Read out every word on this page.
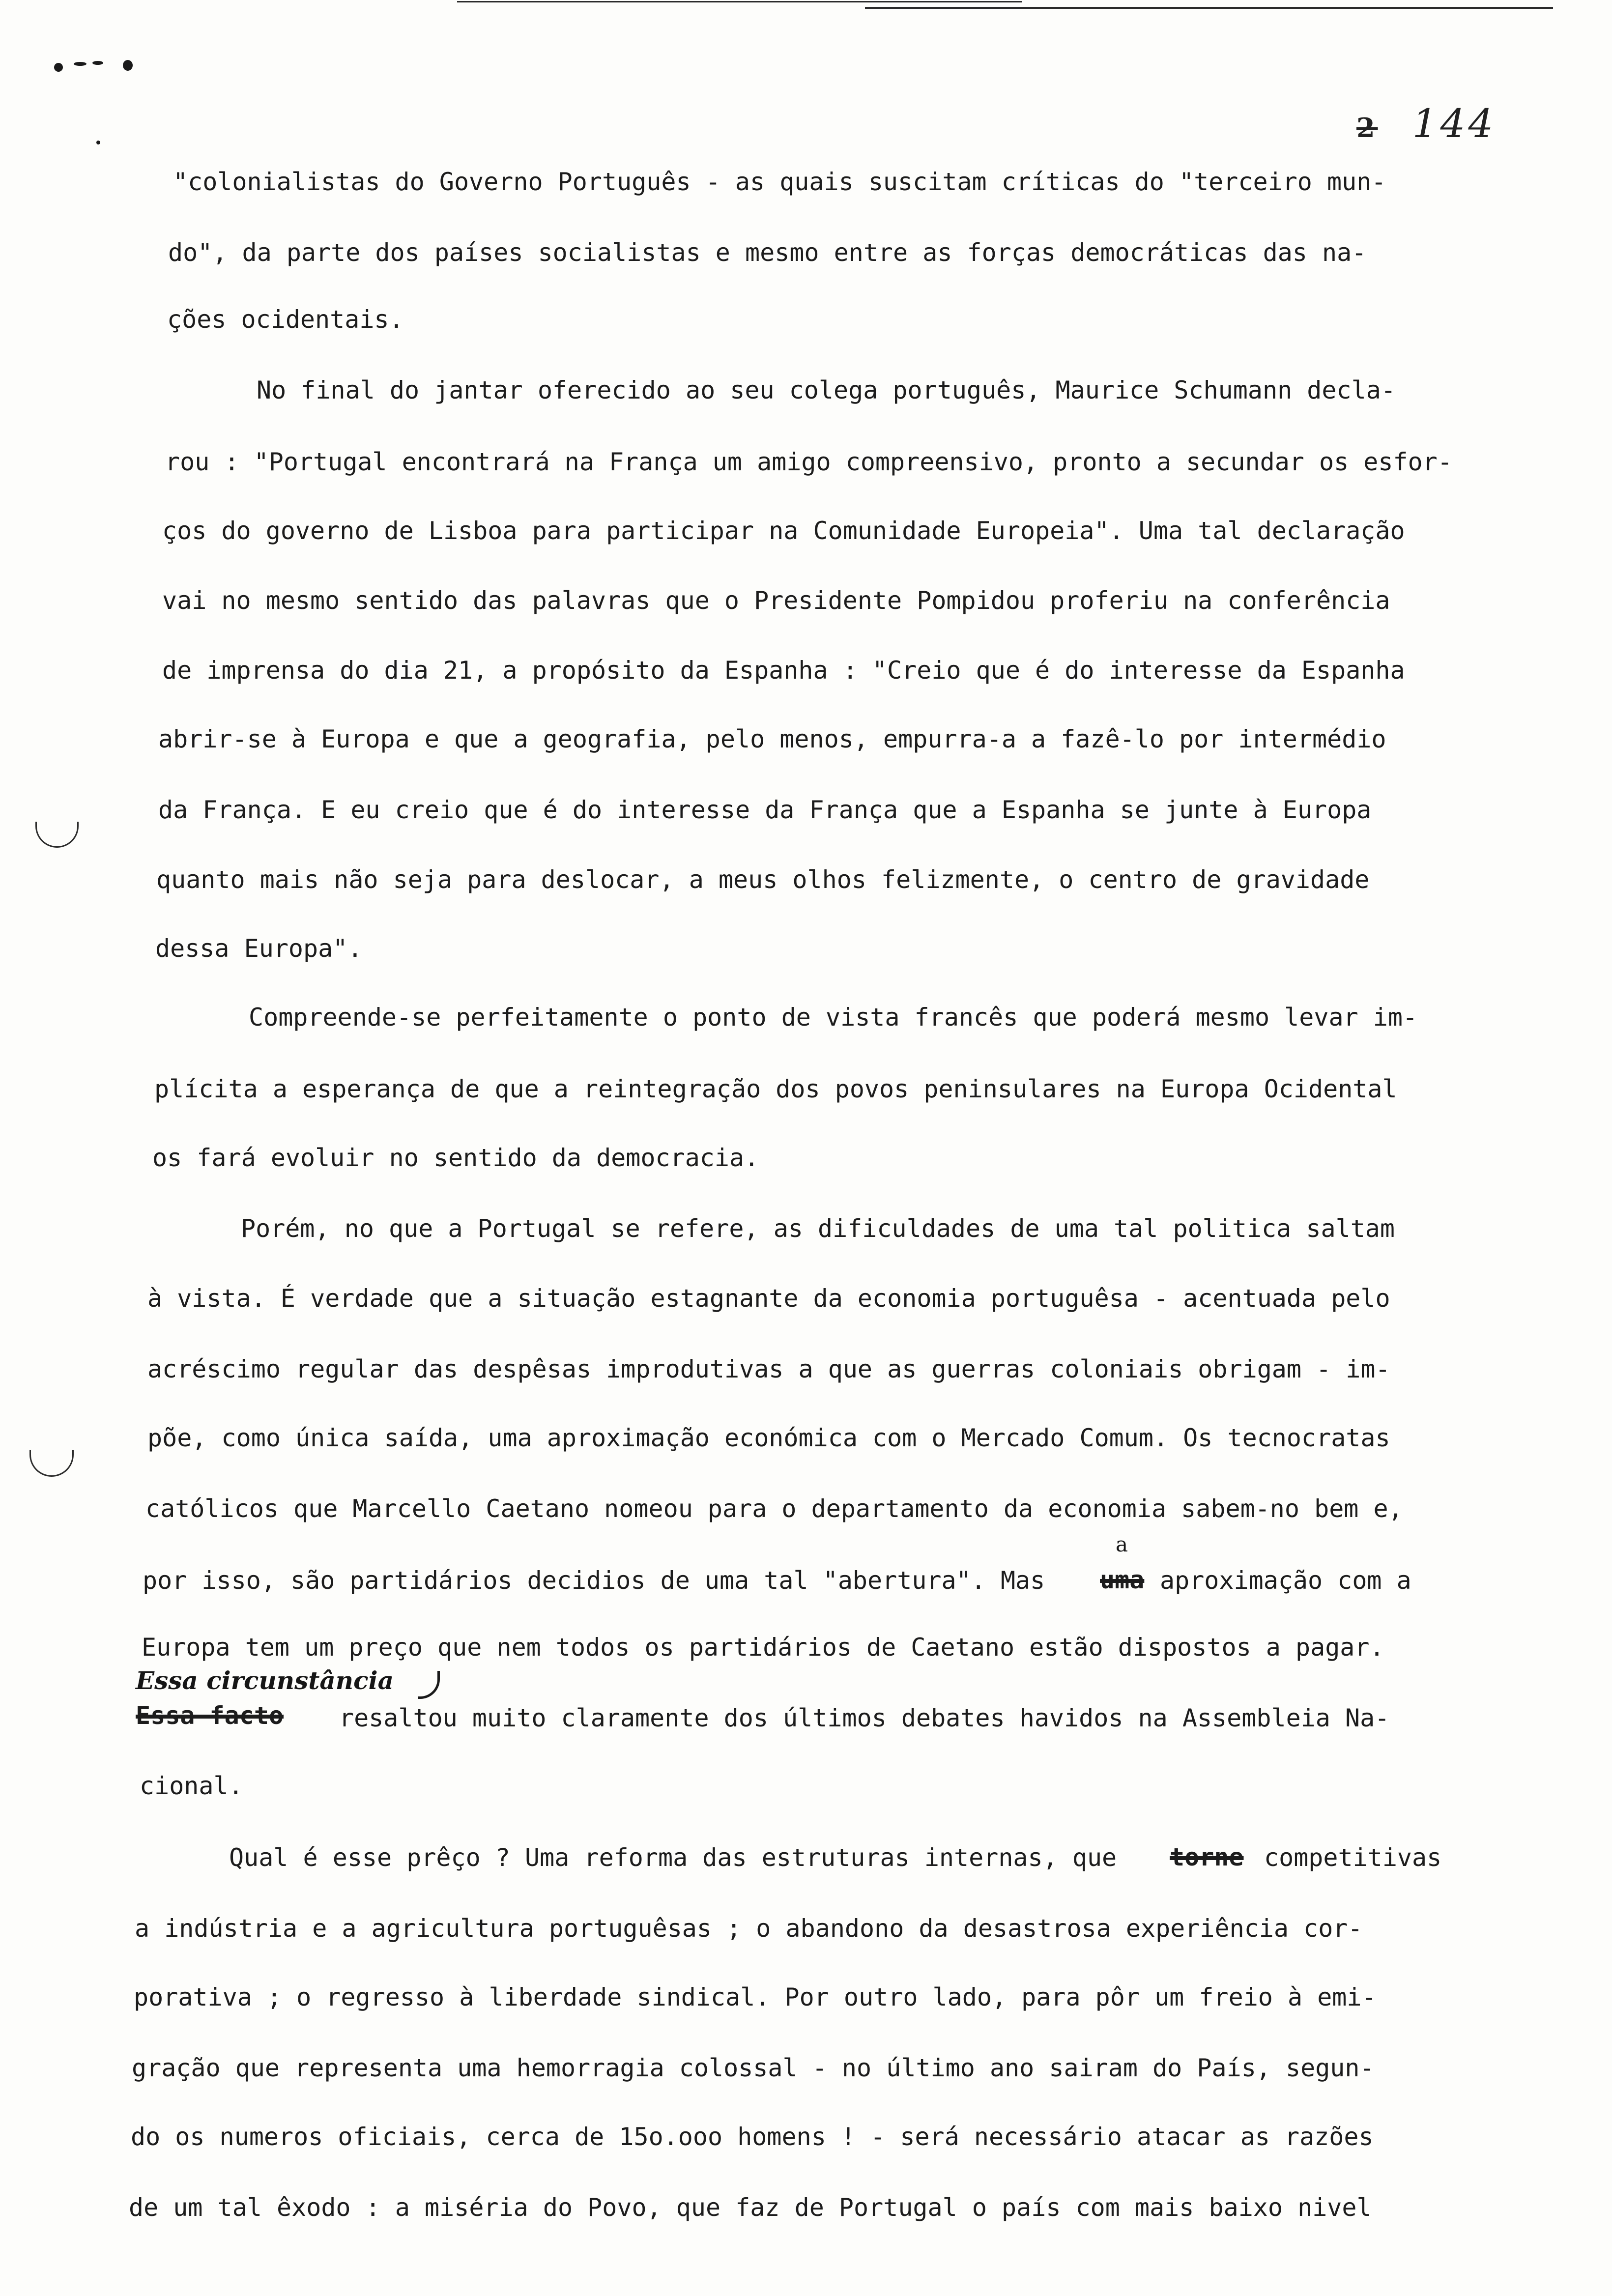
2 144
"colonialistas do Governo Português - as quais suscitam críticas do "terceiro mun-
do", da parte dos países socialistas e mesmo entre as forças democráticas das na-
ções ocidentais.
No final do jantar oferecido ao seu colega português, Maurice Schumann decla-
rou : "Portugal encontrará na França um amigo compreensivo, pronto a secundar os esfor-
ços do governo de Lisboa para participar na Comunidade Europeia". Uma tal declaração
vai no mesmo sentido das palavras que o Presidente Pompidou proferiu na conferência
de imprensa do dia 21, a propósito da Espanha : "Creio que é do interesse da Espanha
abrir-se à Europa e que a geografia, pelo menos, empurra-a a fazê-lo por intermédio
da França. E eu creio que é do interesse da França que a Espanha se junte à Europa
quanto mais não seja para deslocar, a meus olhos felizmente, o centro de gravidade
dessa Europa".
Compreende-se perfeitamente o ponto de vista francês que poderá mesmo levar im-
plícita a esperança de que a reintegração dos povos peninsulares na Europa Ocidental
os fará evoluir no sentido da democracia.
Porém, no que a Portugal se refere, as dificuldades de uma tal politica saltam
à vista. É verdade que a situação estagnante da economia portuguêsa - acentuada pelo
acréscimo regular das despêsas improdutivas a que as guerras coloniais obrigam - im-
põe, como única saída, uma aproximação económica com o Mercado Comum. Os tecnocratas
católicos que Marcello Caetano nomeou para o departamento da economia sabem-no bem e,
por isso, são partidários decidios de uma tal "abertura". Mas
a
uma aproximação com a
Europa tem um preço que nem todos os partidários de Caetano estão dispostos a pagar.
Essa circunstância
Essa facto resaltou muito claramente dos últimos debates havidos na Assembleia Na-
cional.
Qual é esse prêço ? Uma reforma das estruturas internas, que torne competitivas
a indústria e a agricultura portuguêsas ; o abandono da desastrosa experiência cor-
porativa ; o regresso à liberdade sindical. Por outro lado, para pôr um freio à emi-
gração que representa uma hemorragia colossal - no último ano sairam do País, segun-
do os numeros oficiais, cerca de 15o.ooo homens ! - será necessário atacar as razões
de um tal êxodo : a miséria do Povo, que faz de Portugal o país com mais baixo nivel
